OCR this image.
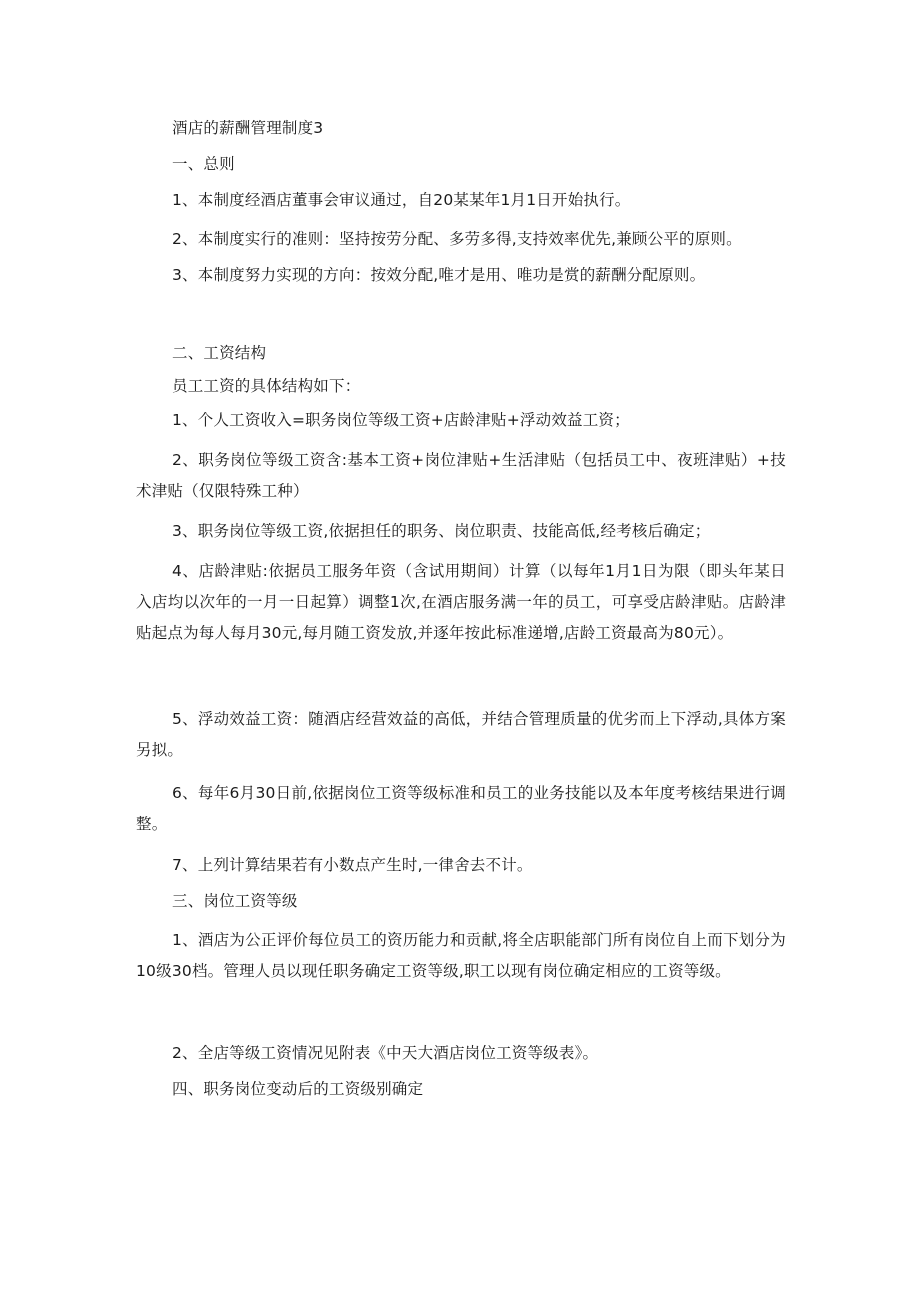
酒店的薪酬管理制度3
一、总则
1、本制度经酒店董事会审议通过，自20某某年1月1日开始执行。
2、本制度实行的准则：坚持按劳分配、多劳多得,支持效率优先,兼顾公平的原则。
3、本制度努力实现的方向：按效分配,唯才是用、唯功是赏的薪酬分配原则。
二、工资结构
员工工资的具体结构如下：
1、个人工资收入=职务岗位等级工资+店龄津贴+浮动效益工资；
2、职务岗位等级工资含:基本工资+岗位津贴+生活津贴（包括员工中、夜班津贴）+技术津贴（仅限特殊工种）
3、职务岗位等级工资,依据担任的职务、岗位职责、技能高低,经考核后确定；
4、店龄津贴:依据员工服务年资（含试用期间）计算（以每年1月1日为限（即头年某日入店均以次年的一月一日起算）调整1次,在酒店服务满一年的员工，可享受店龄津贴。店龄津贴起点为每人每月30元,每月随工资发放,并逐年按此标准递增,店龄工资最高为80元）。
5、浮动效益工资：随酒店经营效益的高低，并结合管理质量的优劣而上下浮动,具体方案另拟。
6、每年6月30日前,依据岗位工资等级标准和员工的业务技能以及本年度考核结果进行调整。
7、上列计算结果若有小数点产生时,一律舍去不计。
三、岗位工资等级
1、酒店为公正评价每位员工的资历能力和贡献,将全店职能部门所有岗位自上而下划分为10级30档。管理人员以现任职务确定工资等级,职工以现有岗位确定相应的工资等级。
2、全店等级工资情况见附表《中天大酒店岗位工资等级表》。
四、职务岗位变动后的工资级别确定
